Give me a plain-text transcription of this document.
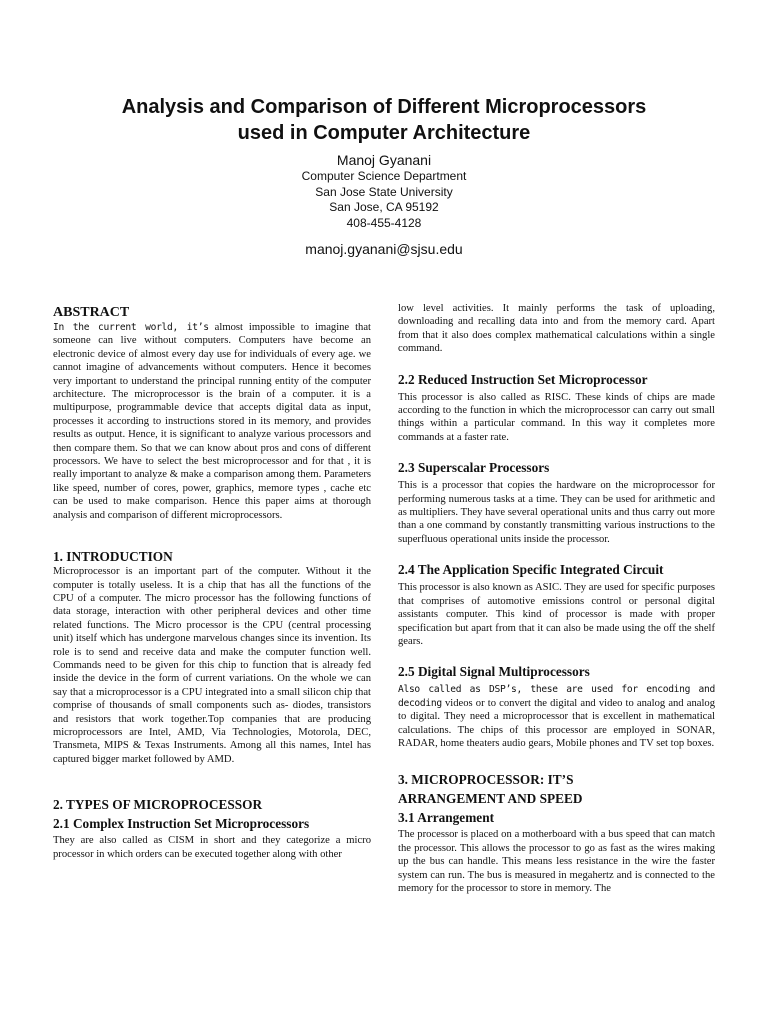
Analysis and Comparison of Different Microprocessors
used in Computer Architecture
Manoj Gyanani
Computer Science Department
San Jose State University
San Jose, CA 95192
408-455-4128
manoj.gyanani@sjsu.edu
ABSTRACT

In the current world, it’s almost impossible to imagine that someone can live without computers. Computers have become an electronic device of almost every day use for individuals of every age. we cannot imagine of advancements without computers. Hence it becomes very important to understand the principal running entity of the computer architecture. The microprocessor is the brain of a computer. it is a multipurpose, programmable device that accepts digital data as input, processes it according to instructions stored in its memory, and provides results as output. Hence, it is significant to analyze various processors and then compare them. So that we can know about pros and cons of different processors. We have to select the best microprocessor and for that , it is really important to analyze & make a comparison among them. Parameters like speed, number of cores, power, graphics, memore types , cache etc can be used to make comparison. Hence this paper aims at thorough analysis and comparison of different microprocessors.

1. INTRODUCTION

Microprocessor is an important part of the computer. Without it the computer is totally useless. It is a chip that has all the functions of the CPU of a computer. The micro processor has the following functions of data storage, interaction with other peripheral devices and other time related functions. The Micro processor is the CPU (central processing unit) itself which has undergone marvelous changes since its invention. Its role is to send and receive data and make the computer function well. Commands need to be given for this chip to function that is already fed inside the device in the form of current variations. On the whole we can say that a microprocessor is a CPU integrated into a small silicon chip that comprise of thousands of small components such as- diodes, transistors and resistors that work together.Top companies that are producing microprocessors are Intel, AMD, Via Technologies, Motorola, DEC, Transmeta, MIPS & Texas Instruments. Among all this names, Intel has captured bigger market followed by AMD.

2. TYPES OF MICROPROCESSOR
2.1 Complex Instruction Set Microprocessors

They are also called as CISM in short and they categorize a micro processor in which orders can be executed together along with other

low level activities. It mainly performs the task of uploading, downloading and recalling data into and from the memory card. Apart from that it also does complex mathematical calculations within a single command.

2.2 Reduced Instruction Set Microprocessor

This processor is also called as RISC. These kinds of chips are made according to the function in which the microprocessor can carry out small things within a particular command. In this way it completes more commands at a faster rate.

2.3 Superscalar Processors

This is a processor that copies the hardware on the microprocessor for performing numerous tasks at a time. They can be used for arithmetic and as multipliers. They have several operational units and thus carry out more than a one command by constantly transmitting various instructions to the superfluous operational units inside the processor.

2.4 The Application Specific Integrated Circuit

This processor is also known as ASIC. They are used for specific purposes that comprises of automotive emissions control or personal digital assistants computer. This kind of processor is made with proper specification but apart from that it can also be made using the off the shelf gears.

2.5 Digital Signal Multiprocessors

Also called as DSP’s, these are used for encoding and decoding videos or to convert the digital and video to analog and analog to digital. They need a microprocessor that is excellent in mathematical calculations. The chips of this processor are employed in SONAR, RADAR, home theaters audio gears, Mobile phones and TV set top boxes.

3. MICROPROCESSOR: IT’S
ARRANGEMENT AND SPEED
3.1 Arrangement

The processor is placed on a motherboard with a bus speed that can match the processor. This allows the processor to go as fast as the wires making up the bus can handle. This means less resistance in the wire the faster system can run. The bus is measured in megahertz and is connected to the memory for the processor to store in memory. The
